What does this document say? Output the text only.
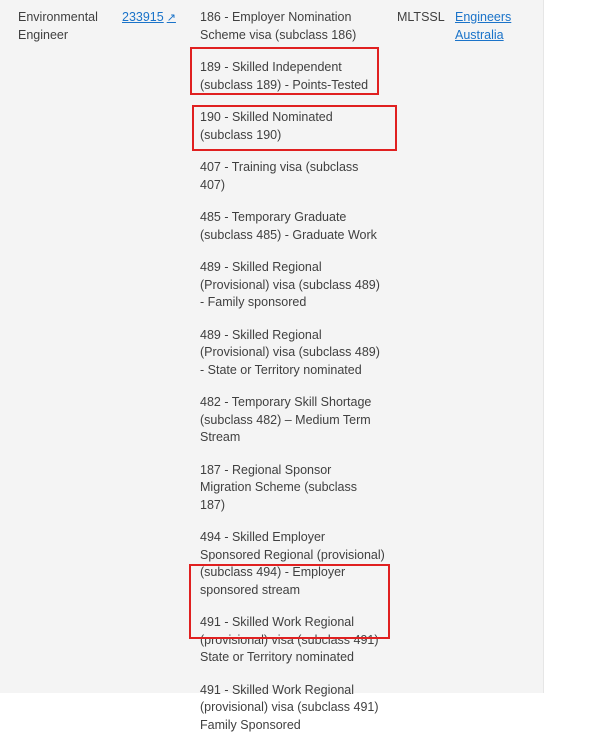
Environmental Engineer
233915 ↗ 186 - Employer Nomination Scheme visa (subclass 186)
189 - Skilled Independent (subclass 189) - Points-Tested
190 - Skilled Nominated (subclass 190)
407 - Training visa (subclass 407)
485 - Temporary Graduate (subclass 485) - Graduate Work
489 - Skilled Regional (Provisional) visa (subclass 489) - Family sponsored
489 - Skilled Regional (Provisional) visa (subclass 489) - State or Territory nominated
482 - Temporary Skill Shortage (subclass 482) – Medium Term Stream
187 - Regional Sponsor Migration Scheme (subclass 187)
494 - Skilled Employer Sponsored Regional (provisional) (subclass 494) - Employer sponsored stream
491 - Skilled Work Regional (provisional) visa (subclass 491) State or Territory nominated
491 - Skilled Work Regional (provisional) visa (subclass 491) Family Sponsored
MLTSSL Engineers Australia
